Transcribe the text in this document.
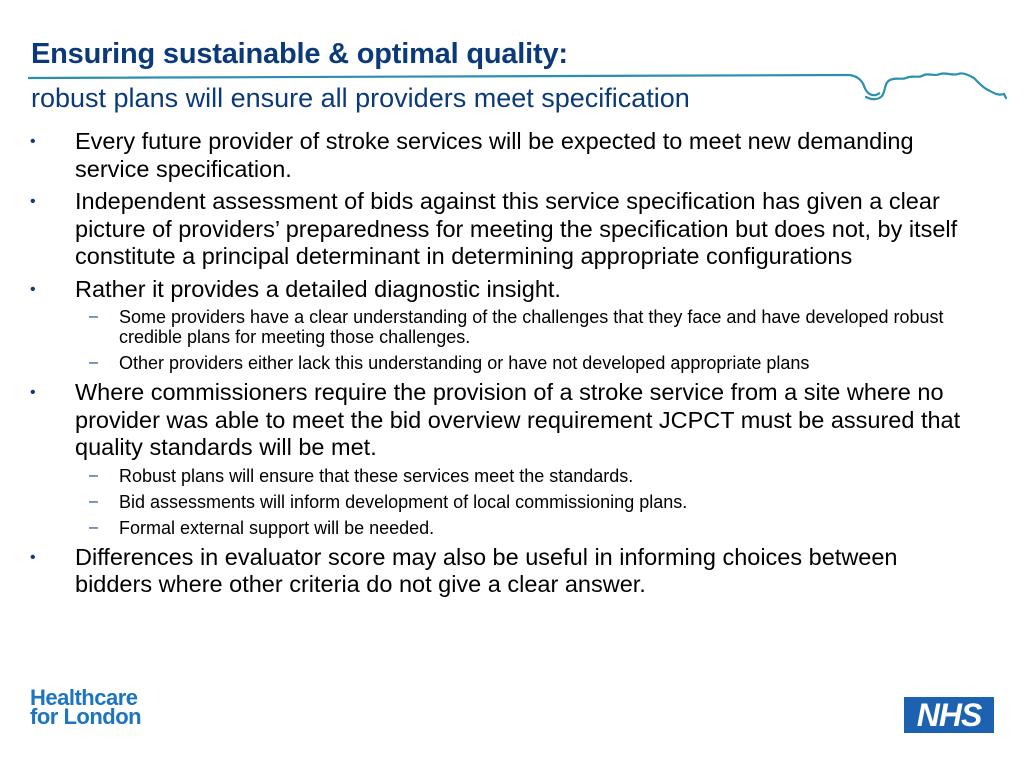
Ensuring sustainable & optimal quality:
robust plans will ensure all providers meet specification
• Every future provider of stroke services will be expected to meet new demanding service specification.
• Independent assessment of bids against this service specification has given a clear picture of providers’ preparedness for meeting the specification but does not, by itself constitute a principal determinant in determining appropriate configurations
• Rather it provides a detailed diagnostic insight.
– Some providers have a clear understanding of the challenges that they face and have developed robust credible plans for meeting those challenges.
– Other providers either lack this understanding or have not developed appropriate plans
• Where commissioners require the provision of a stroke service from a site where no provider was able to meet the bid overview requirement JCPCT must be assured that quality standards will be met.
– Robust plans will ensure that these services meet the standards.
– Bid assessments will inform development of local commissioning plans.
– Formal external support will be needed.
• Differences in evaluator score may also be useful in informing choices between bidders where other criteria do not give a clear answer.
Healthcare
for London	NHS
